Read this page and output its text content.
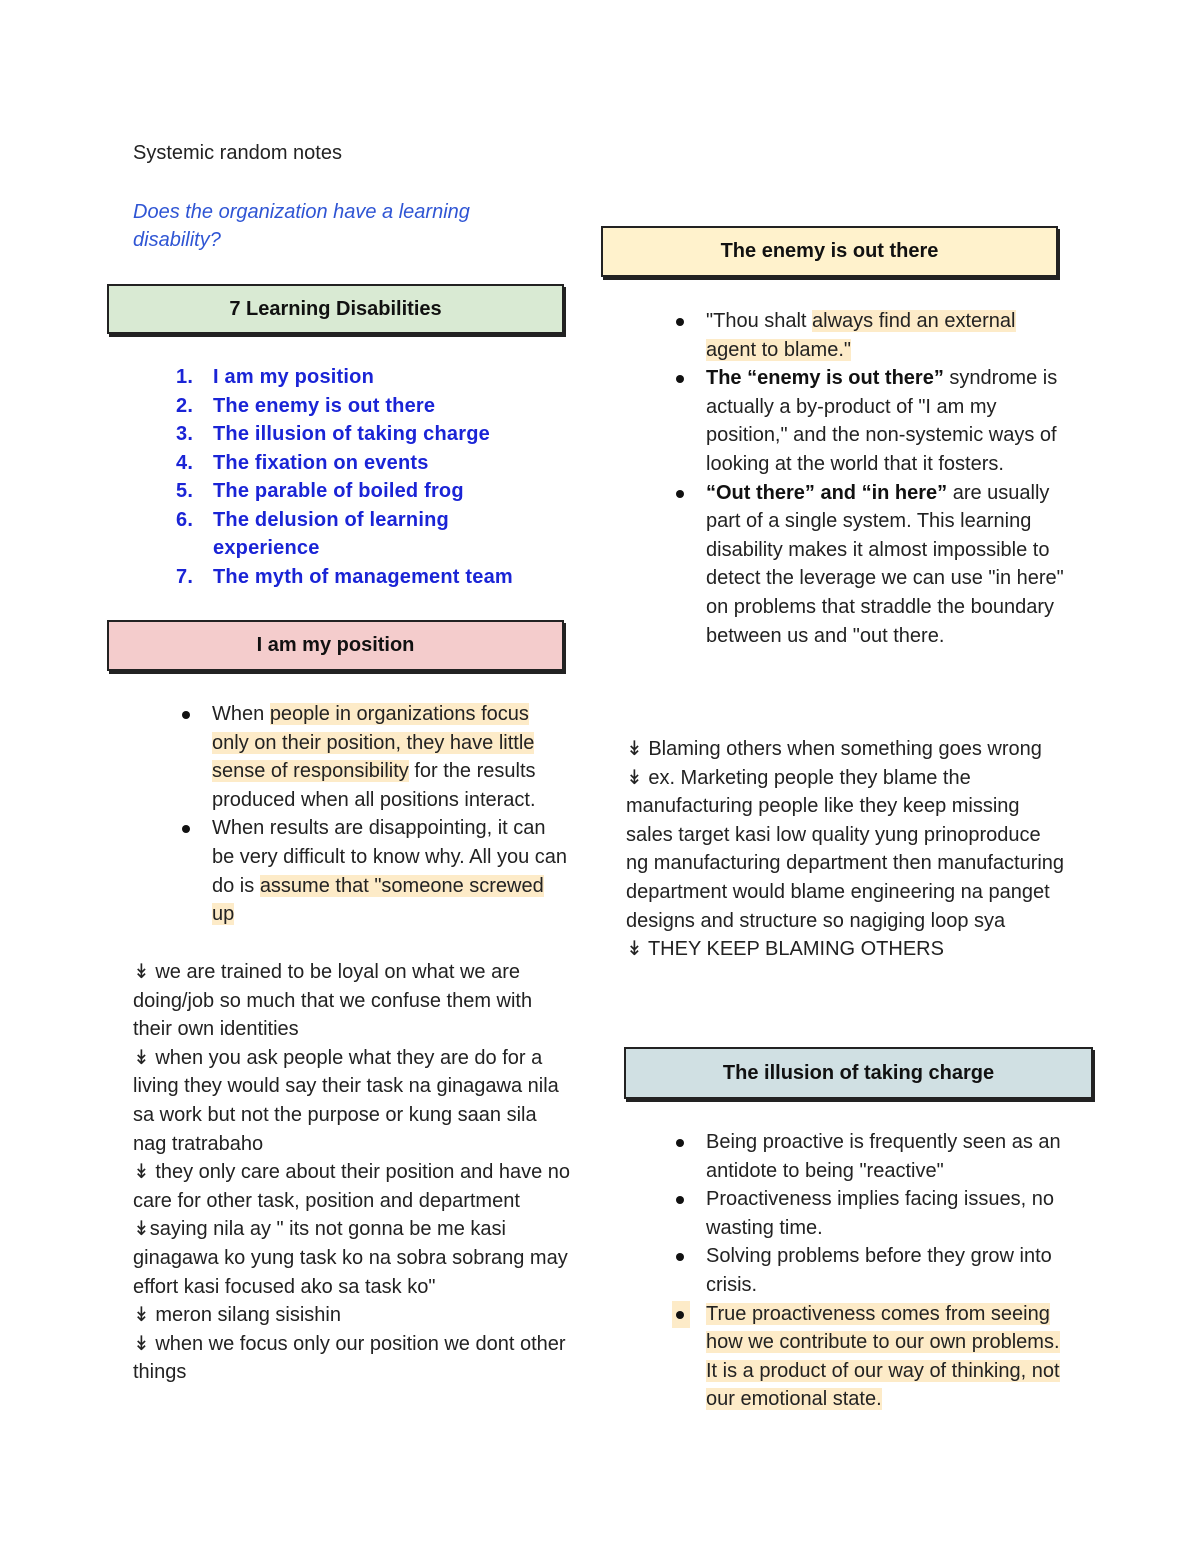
Systemic random notes
Does the organization have a learning disability?
7 Learning Disabilities
1. I am my position
2. The enemy is out there
3. The illusion of taking charge
4. The fixation on events
5. The parable of boiled frog
6. The delusion of learning experience
7. The myth of management team
I am my position
When people in organizations focus only on their position, they have little sense of responsibility for the results produced when all positions interact.
When results are disappointing, it can be very difficult to know why. All you can do is assume that "someone screwed up
↡ we are trained to be loyal on what we are doing/job so much that we confuse them with their own identities
↡ when you ask people what they are do for a living they would say their task na ginagawa nila sa work but not the purpose or kung saan sila nag tratrabaho
↡ they only care about their position and have no care for other task, position and department
↡saying nila ay " its not gonna be me kasi ginagawa ko yung task ko na sobra sobrang may effort kasi focused ako sa task ko"
↡ meron silang sisishin
↡ when we focus only our position we dont other things
The enemy is out there
"Thou shalt always find an external agent to blame."
The “enemy is out there” syndrome is actually a by-product of "I am my position," and the non-systemic ways of looking at the world that it fosters.
“Out there” and “in here” are usually part of a single system. This learning disability makes it almost impossible to detect the leverage we can use "in here" on problems that straddle the boundary between us and "out there.
↡ Blaming others when something goes wrong
↡ ex. Marketing people they blame the manufacturing people like they keep missing sales target kasi low quality yung prinoproduce ng manufacturing department then manufacturing department would blame engineering na panget designs and structure so nagiging loop sya
↡ THEY KEEP BLAMING OTHERS
The illusion of taking charge
Being proactive is frequently seen as an antidote to being "reactive"
Proactiveness implies facing issues, no wasting time.
Solving problems before they grow into crisis.
True proactiveness comes from seeing how we contribute to our own problems. It is a product of our way of thinking, not our emotional state.
